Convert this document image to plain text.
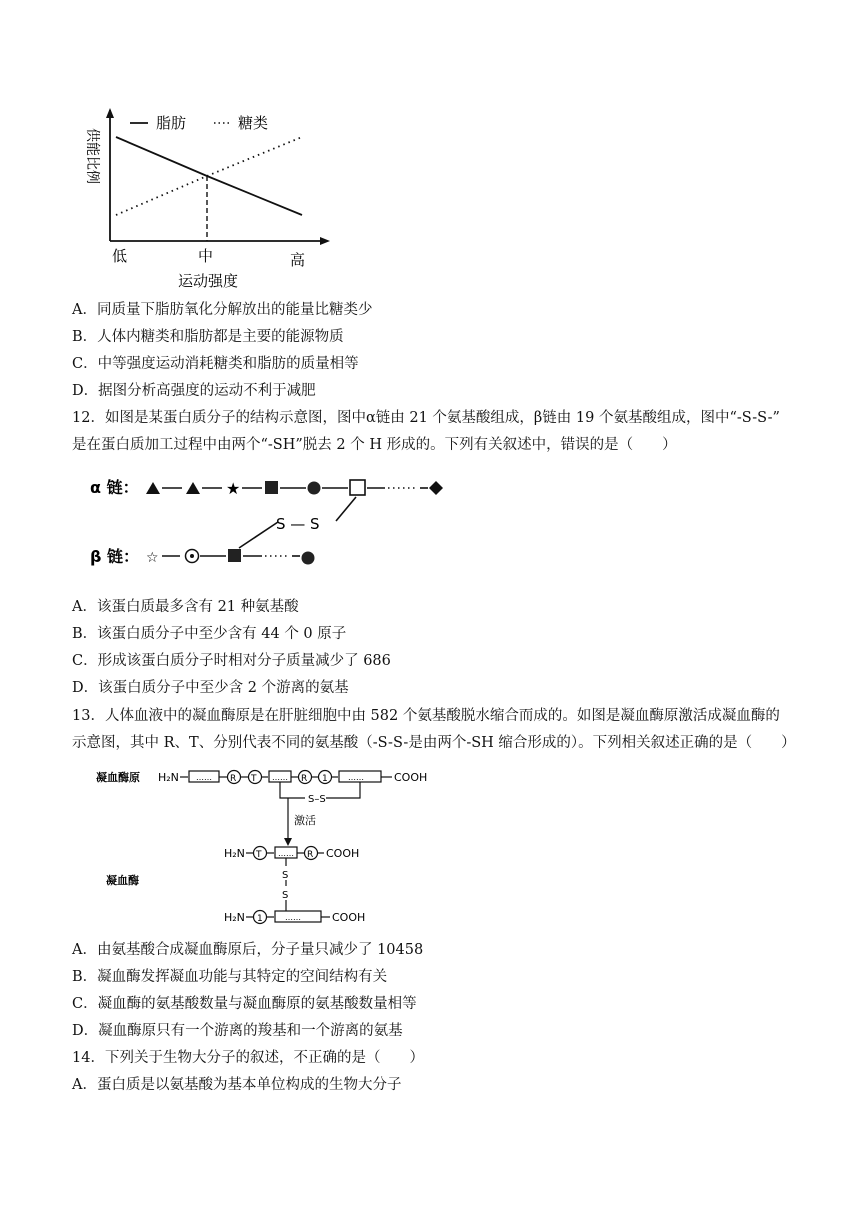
供能比例
脂肪	糖类
低	中	高
运动强度
A．同质量下脂肪氧化分解放出的能量比糖类少
B．人体内糖类和脂肪都是主要的能源物质
C．中等强度运动消耗糖类和脂肪的质量相等
D．据图分析高强度的运动不利于减肥
12．如图是某蛋白质分子的结构示意图，图中α链由 21 个氨基酸组成，β链由 19 个氨基酸组成，图中“-S-S-”
是在蛋白质加工过程中由两个“-SH”脱去 2 个 H 形成的。下列有关叙述中，错误的是（　　）
α 链：	★
S — S
β 链： ☆
A．该蛋白质最多含有 21 种氨基酸
B．该蛋白质分子中至少含有 44 个 0 原子
C．形成该蛋白质分子时相对分子质量减少了 686
D．该蛋白质分子中至少含 2 个游离的氨基
13．人体血液中的凝血酶原是在肝脏细胞中由 582 个氨基酸脱水缩合而成的。如图是凝血酶原激活成凝血酶的
示意图，其中 R、T、分别代表不同的氨基酸（-S-S-是由两个-SH 缩合形成的）。下列相关叙述正确的是（　　）
凝血酶原 H₂N …… R T …… R 1	……	COOH
S–S
激活
H₂N T …… R COOH
S
S
凝血酶
H₂N 1	……	COOH
A．由氨基酸合成凝血酶原后，分子量只减少了 10458
B．凝血酶发挥凝血功能与其特定的空间结构有关
C．凝血酶的氨基酸数量与凝血酶原的氨基酸数量相等
D．凝血酶原只有一个游离的羧基和一个游离的氨基
14．下列关于生物大分子的叙述，不正确的是（　　）
A．蛋白质是以氨基酸为基本单位构成的生物大分子
